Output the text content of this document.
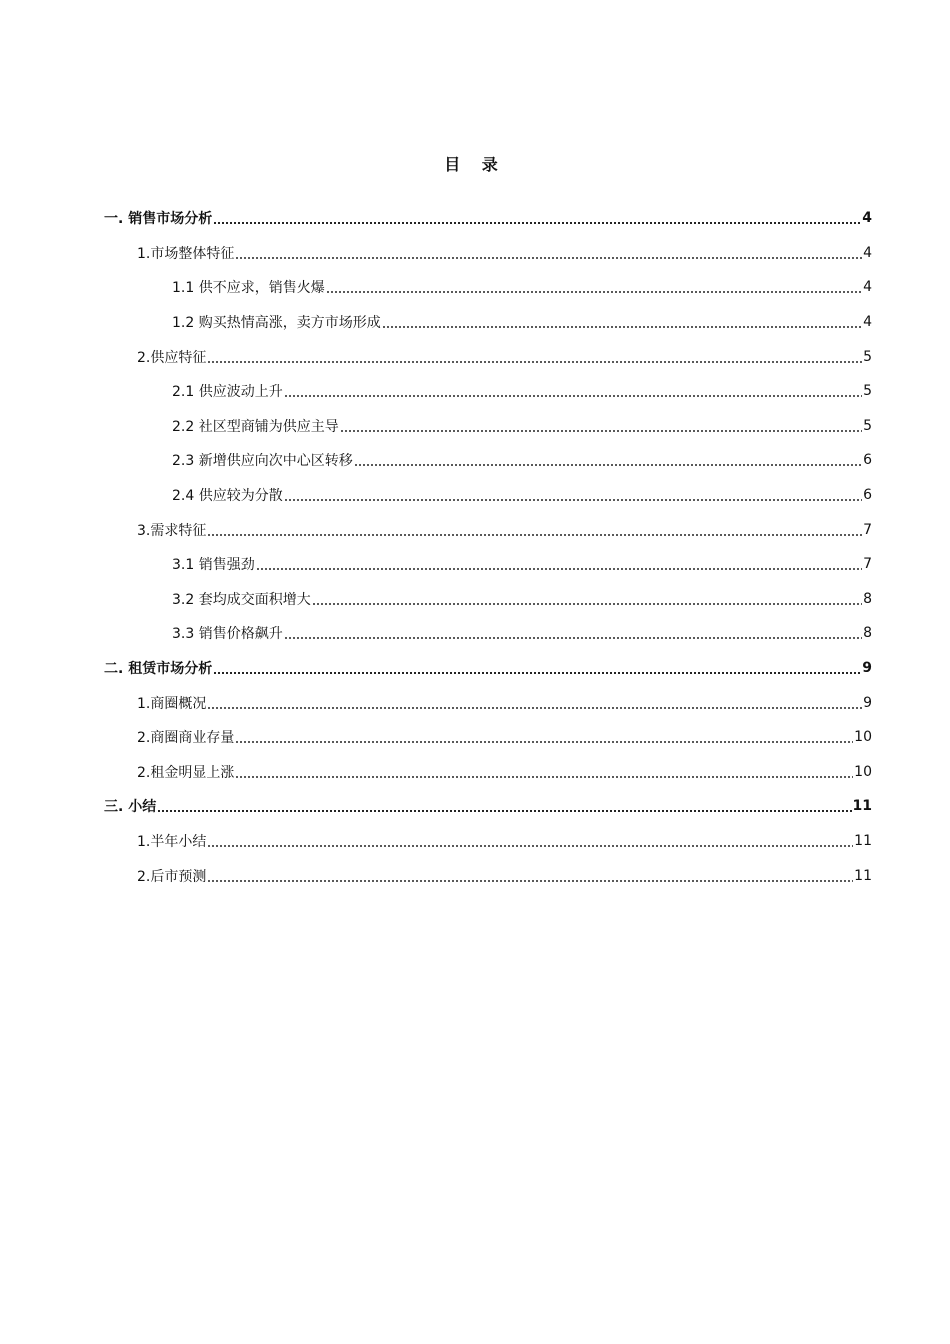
目 录
一. 销售市场分析	4
1.市场整体特征	4
1.1 供不应求，销售火爆	4
1.2 购买热情高涨，卖方市场形成	4
2.供应特征	5
2.1 供应波动上升	5
2.2 社区型商铺为供应主导	5
2.3 新增供应向次中心区转移	6
2.4 供应较为分散	6
3.需求特征	7
3.1 销售强劲	7
3.2 套均成交面积增大	8
3.3 销售价格飙升	8
二. 租赁市场分析	9
1.商圈概况	9
2.商圈商业存量	10
2.租金明显上涨	10
三. 小结	11
1.半年小结	11
2.后市预测	11
